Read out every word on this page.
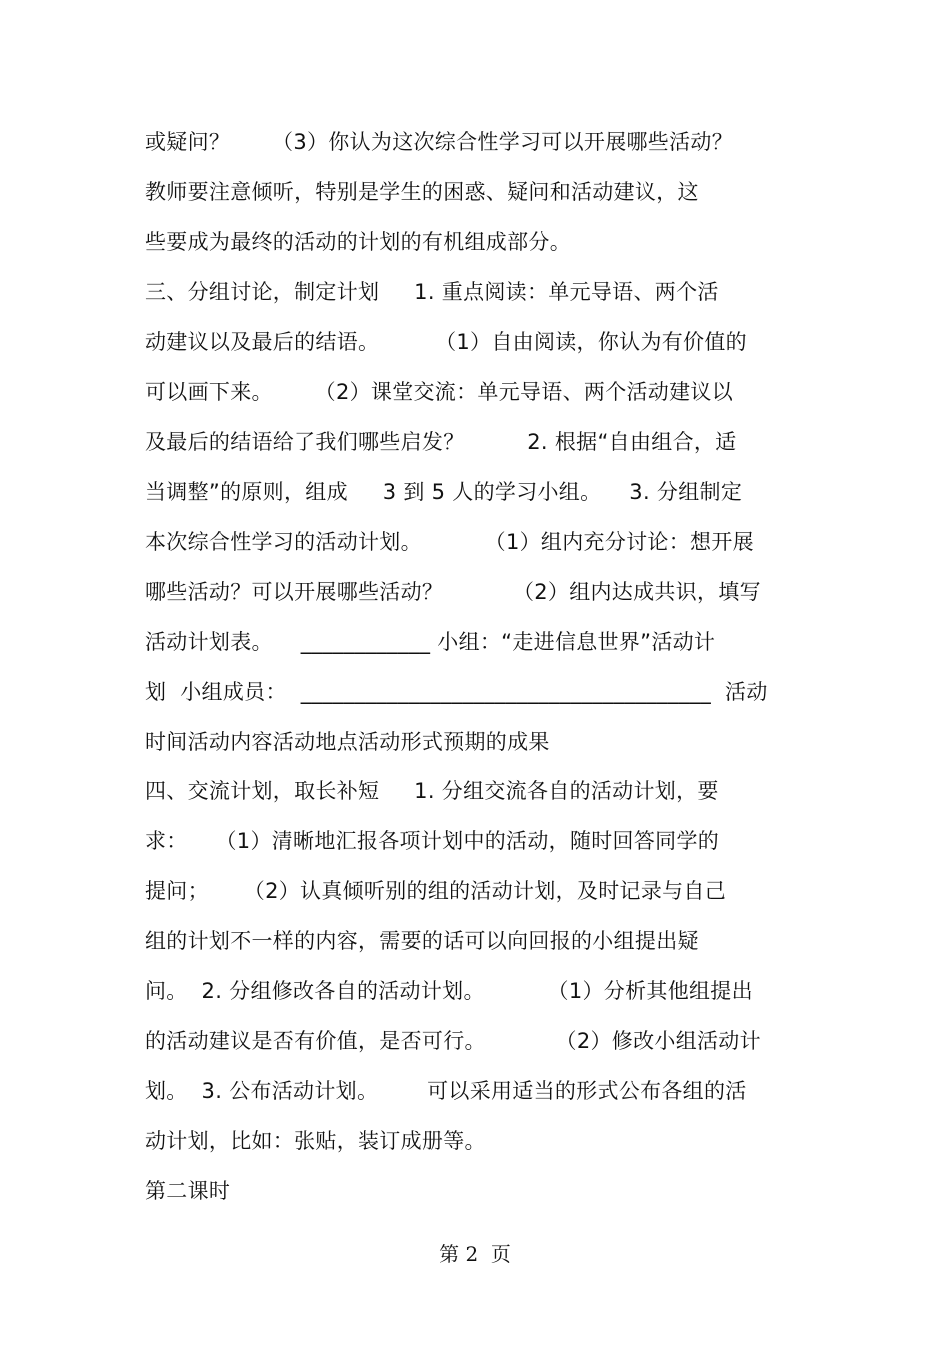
或疑问？      （3）你认为这次综合性学习可以开展哪些活动？
教师要注意倾听，特别是学生的困惑、疑问和活动建议，这
些要成为最终的活动的计划的有机组成部分。
三、分组讨论，制定计划     1. 重点阅读：单元导语、两个活
动建议以及最后的结语。        （1）自由阅读，你认为有价值的
可以画下来。      （2）课堂交流：单元导语、两个活动建议以
及最后的结语给了我们哪些启发？         2. 根据“自由组合，适
当调整”的原则，组成     3 到 5 人的学习小组。    3. 分组制定
本次综合性学习的活动计划。         （1）组内充分讨论：想开展
哪些活动？可以开展哪些活动？          （2）组内达成共识，填写
活动计划表。    ____________ 小组：“走进信息世界”活动计
划  小组成员：  ______________________________________  活动
时间活动内容活动地点活动形式预期的成果
四、交流计划，取长补短     1. 分组交流各自的活动计划，要
求：    （1）清晰地汇报各项计划中的活动，随时回答同学的
提问；     （2）认真倾听别的组的活动计划，及时记录与自己
组的计划不一样的内容，需要的话可以向回报的小组提出疑
问。  2. 分组修改各自的活动计划。         （1）分析其他组提出
的活动建议是否有价值，是否可行。          （2）修改小组活动计
划。  3. 公布活动计划。       可以采用适当的形式公布各组的活
动计划，比如：张贴，装订成册等。
第二课时
第 2  页
